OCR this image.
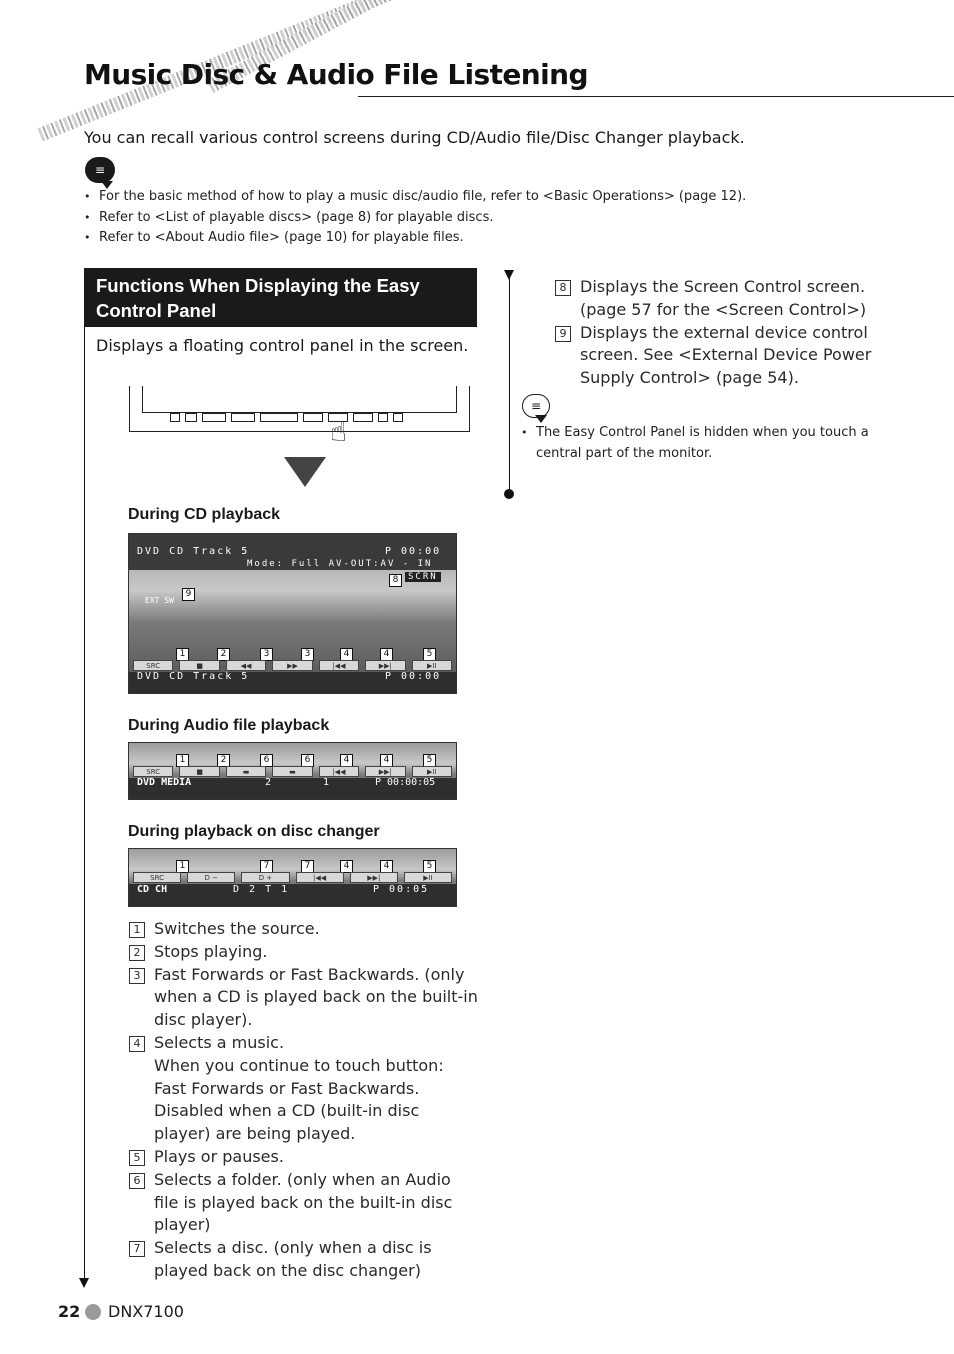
Music Disc & Audio File Listening
You can recall various control screens during CD/Audio file/Disc Changer playback.
≡
• For the basic method of how to play a music disc/audio file, refer to <Basic Operations> (page 12).
• Refer to <List of playable discs> (page 8) for playable discs.
• Refer to <About Audio file> (page 10) for playable files.
Functions When Displaying the Easy Control Panel
Displays a floating control panel in the screen.
☝
During CD playback
DVD CD Track 5	P 00:00
Mode: Full AV-OUT:AV - IN
8	SCRN
9
EXT SW
1	2	3	3	4	4	5
SRC	■	◀◀	▶▶	|◀◀	▶▶|	▶II
DVD CD Track 5	P 00:00
During Audio file playback
1	2	6	6	4	4	5
SRC	■	▬	▬	|◀◀	▶▶|	▶II
DVD MEDIA	2	1	P 00:00:05
During playback on disc changer
1	7	7	4	4	5
SRC	D −	D +	|◀◀	▶▶|	▶II
CD CH	D 2 T 1	P 00:05
1 Switches the source.
2 Stops playing.
3 Fast Forwards or Fast Backwards. (only when a CD is played back on the built-in disc player).
4 Selects a music.
When you continue to touch button:
Fast Forwards or Fast Backwards.
Disabled when a CD (built-in disc player) are being played.
5 Plays or pauses.
6 Selects a folder. (only when an Audio file is played back on the built-in disc player)
7 Selects a disc. (only when a disc is played back on the disc changer)
8 Displays the Screen Control screen.
(page 57 for the <Screen Control>)
9 Displays the external device control screen. See <External Device Power Supply Control> (page 54).
≡
• The Easy Control Panel is hidden when you touch a central part of the monitor.
22 DNX7100
